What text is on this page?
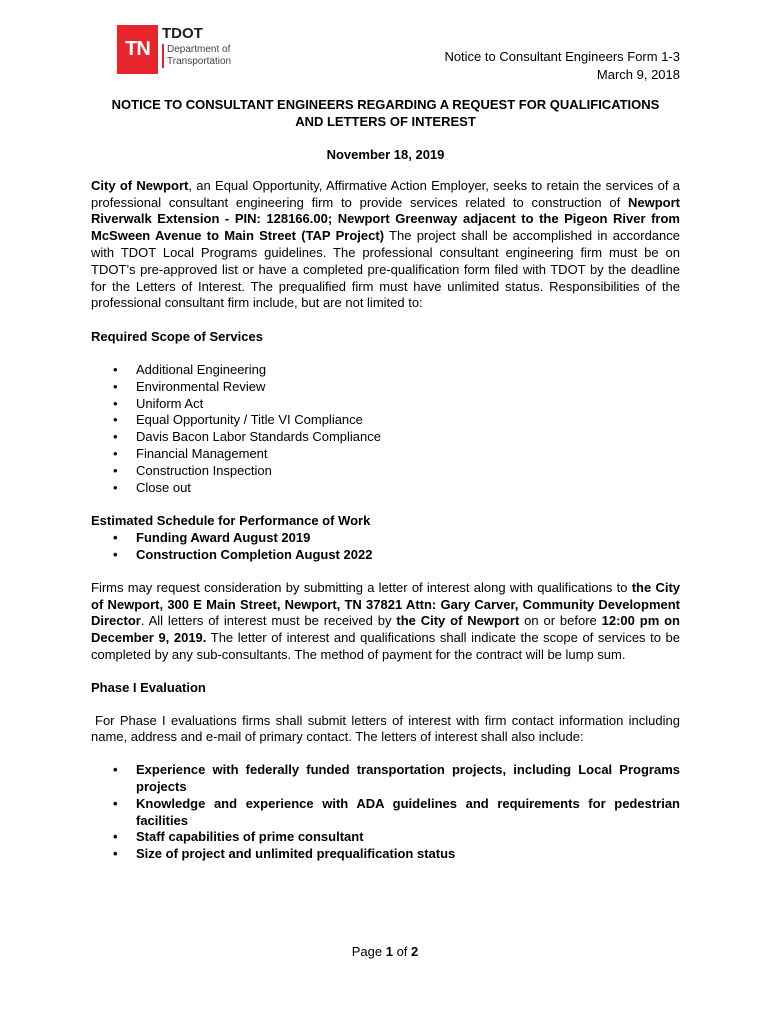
TN
TDOT
Department of
Transportation	Notice to Consultant Engineers Form 1-3
March 9, 2018
NOTICE TO CONSULTANT ENGINEERS REGARDING A REQUEST FOR QUALIFICATIONS
AND LETTERS OF INTEREST
November 18, 2019

City of Newport, an Equal Opportunity, Affirmative Action Employer, seeks to retain the services of a professional consultant engineering firm to provide services related to construction of Newport Riverwalk Extension - PIN: 128166.00; Newport Greenway adjacent to the Pigeon River from McSween Avenue to Main Street (TAP Project) The project shall be accomplished in accordance with TDOT Local Programs guidelines. The professional consultant engineering firm must be on TDOT’s pre-approved list or have a completed pre-qualification form filed with TDOT by the deadline for the Letters of Interest. The prequalified firm must have unlimited status. Responsibilities of the professional consultant firm include, but are not limited to:

Required Scope of Services
• Additional Engineering
• Environmental Review
• Uniform Act
• Equal Opportunity / Title VI Compliance
• Davis Bacon Labor Standards Compliance
• Financial Management
• Construction Inspection
• Close out
Estimated Schedule for Performance of Work
• Funding Award August 2019
• Construction Completion August 2022

Firms may request consideration by submitting a letter of interest along with qualifications to the City of Newport, 300 E Main Street, Newport, TN 37821 Attn: Gary Carver, Community Development Director. All letters of interest must be received by the City of Newport on or before 12:00 pm on December 9, 2019. The letter of interest and qualifications shall indicate the scope of services to be completed by any sub-consultants. The method of payment for the contract will be lump sum.

Phase I Evaluation

For Phase I evaluations firms shall submit letters of interest with firm contact information including name, address and e-mail of primary contact. The letters of interest shall also include:

• Experience with federally funded transportation projects, including Local Programs projects
• Knowledge and experience with ADA guidelines and requirements for pedestrian facilities
• Staff capabilities of prime consultant
• Size of project and unlimited prequalification status
Page 1 of 2
